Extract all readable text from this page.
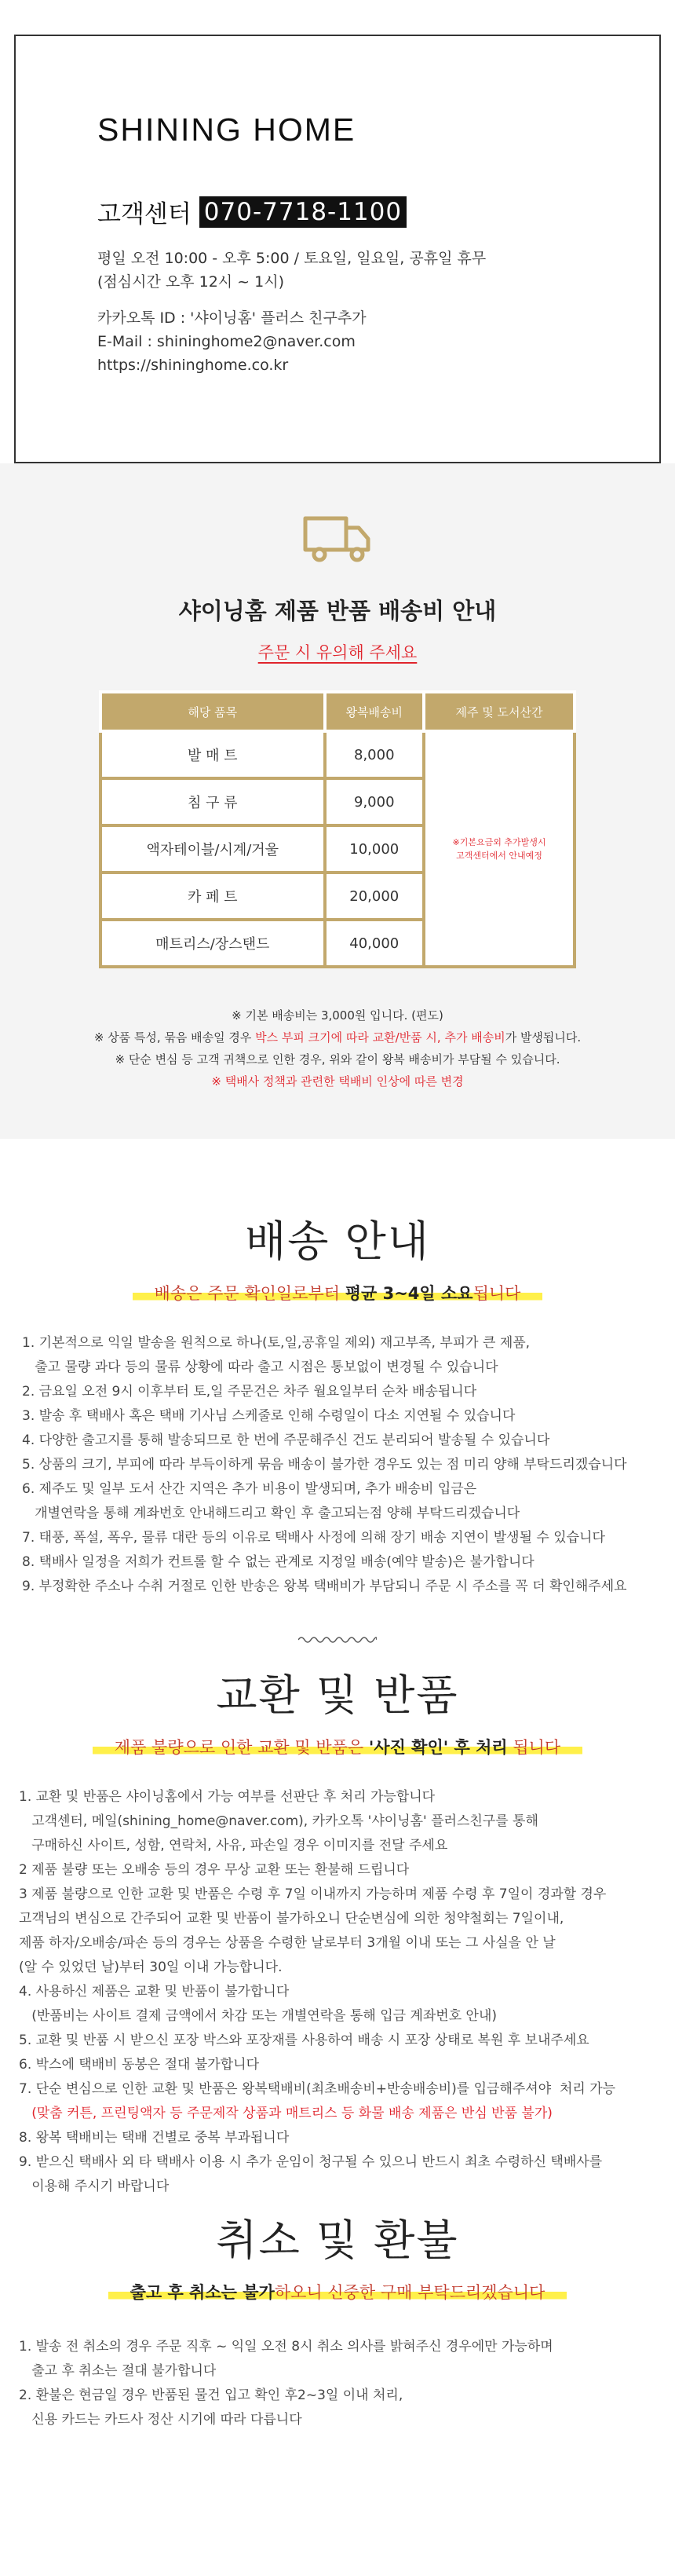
SHINING HOME
고객센터 070-7718-1100
평일 오전 10:00 - 오후 5:00 / 토요일, 일요일, 공휴일 휴무
(점심시간 오후 12시 ~ 1시)
카카오톡 ID : '샤이닝홈' 플러스 친구추가
E-Mail : shininghome2@naver.com
https://shininghome.co.kr
샤이닝홈 제품 반품 배송비 안내
주문 시 유의해 주세요
해당 품목	왕복배송비	제주 및 도서산간
발 매 트	8,000	※기본요금외 추가발생시
고객센터에서 안내예정

침 구 류	9,000	
액자테이블/시계/거울	10,000	
카 페 트	20,000	
매트리스/장스탠드	40,000	
※ 기본 배송비는 3,000원 입니다. (편도)
※ 상품 특성, 묶음 배송일 경우 박스 부피 크기에 따라 교환/반품 시, 추가 배송비가 발생됩니다.
※ 단순 변심 등 고객 귀책으로 인한 경우, 위와 같이 왕복 배송비가 부담될 수 있습니다.
※ 택배사 정책과 관련한 택배비 인상에 따른 변경
배송 안내
배송은 주문 확인일로부터 평균 3~4일 소요됩니다
1. 기본적으로 익일 발송을 원칙으로 하나(토,일,공휴일 제외) 재고부족, 부피가 큰 제품,
출고 물량 과다 등의 물류 상황에 따라 출고 시점은 통보없이 변경될 수 있습니다
2. 금요일 오전 9시 이후부터 토,일 주문건은 차주 월요일부터 순차 배송됩니다
3. 발송 후 택배사 혹은 택배 기사님 스케줄로 인해 수령일이 다소 지연될 수 있습니다
4. 다양한 출고지를 통해 발송되므로 한 번에 주문해주신 건도 분리되어 발송될 수 있습니다
5. 상품의 크기, 부피에 따라 부득이하게 묶음 배송이 불가한 경우도 있는 점 미리 양해 부탁드리겠습니다
6. 제주도 및 일부 도서 산간 지역은 추가 비용이 발생되며, 추가 배송비 입금은
개별연락을 통해 계좌번호 안내해드리고 확인 후 출고되는점 양해 부탁드리겠습니다
7. 태풍, 폭설, 폭우, 물류 대란 등의 이유로 택배사 사정에 의해 장기 배송 지연이 발생될 수 있습니다
8. 택배사 일정을 저희가 컨트롤 할 수 없는 관계로 지정일 배송(예약 발송)은 불가합니다
9. 부정확한 주소나 수취 거절로 인한 반송은 왕복 택배비가 부담되니 주문 시 주소를 꼭 더 확인해주세요
교환 및 반품
제품 불량으로 인한 교환 및 반품은 '사진 확인' 후 처리 됩니다
1. 교환 및 반품은 샤이닝홈에서 가능 여부를 선판단 후 처리 가능합니다
고객센터, 메일(shining_home@naver.com), 카카오톡 '샤이닝홈' 플러스친구를 통해
구매하신 사이트, 성함, 연락처, 사유, 파손일 경우 이미지를 전달 주세요
2 제품 불량 또는 오배송 등의 경우 무상 교환 또는 환불해 드립니다
3 제품 불량으로 인한 교환 및 반품은 수령 후 7일 이내까지 가능하며 제품 수령 후 7일이 경과할 경우
고객님의 변심으로 간주되어 교환 및 반품이 불가하오니 단순변심에 의한 청약철회는 7일이내,
제품 하자/오배송/파손 등의 경우는 상품을 수령한 날로부터 3개월 이내 또는 그 사실을 안 날
(알 수 있었던 날)부터 30일 이내 가능합니다.
4. 사용하신 제품은 교환 및 반품이 불가합니다
(반품비는 사이트 결제 금액에서 차감 또는 개별연락을 통해 입금 계좌번호 안내)
5. 교환 및 반품 시 받으신 포장 박스와 포장재를 사용하여 배송 시 포장 상태로 복원 후 보내주세요
6. 박스에 택배비 동봉은 절대 불가합니다
7. 단순 변심으로 인한 교환 및 반품은 왕복택배비(최초배송비+반송배송비)를 입금해주셔야  처리 가능
(맞춤 커튼, 프린팅액자 등 주문제작 상품과 매트리스 등 화물 배송 제품은 반심 반품 불가)
8. 왕복 택배비는 택배 건별로 중복 부과됩니다
9. 받으신 택배사 외 타 택배사 이용 시 추가 운임이 청구될 수 있으니 반드시 최초 수령하신 택배사를
이용해 주시기 바랍니다
취소 및 환불
출고 후 취소는 불가하오니 신중한 구매 부탁드리겠습니다
1. 발송 전 취소의 경우 주문 직후 ~ 익일 오전 8시 취소 의사를 밝혀주신 경우에만 가능하며
출고 후 취소는 절대 불가합니다
2. 환불은 현금일 경우 반품된 물건 입고 확인 후2~3일 이내 처리,
신용 카드는 카드사 정산 시기에 따라 다릅니다
